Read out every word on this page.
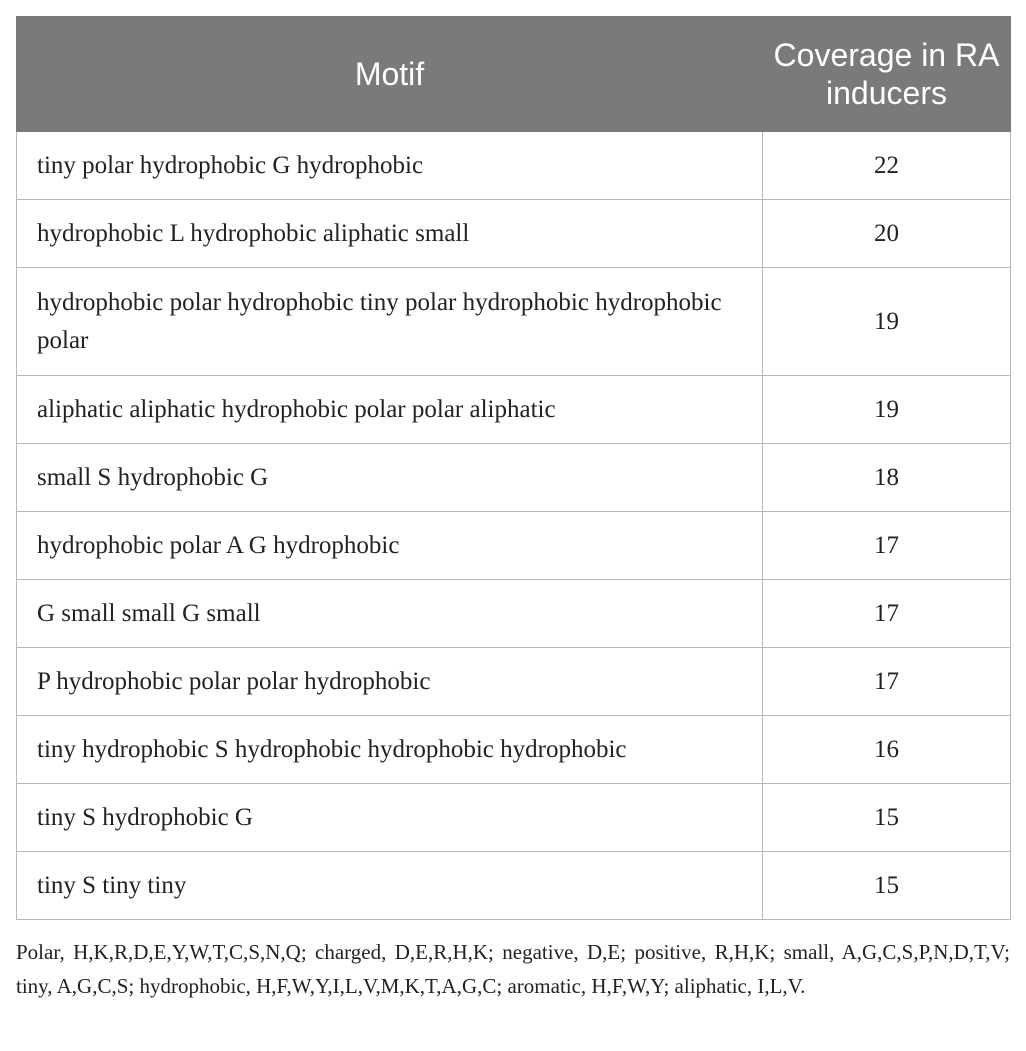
Motif	Coverage in RA inducers
tiny polar hydrophobic G hydrophobic	22
hydrophobic L hydrophobic aliphatic small	20
hydrophobic polar hydrophobic tiny polar hydrophobic hydrophobic polar	19
aliphatic aliphatic hydrophobic polar polar aliphatic	19
small S hydrophobic G	18
hydrophobic polar A G hydrophobic	17
G small small G small	17
P hydrophobic polar polar hydrophobic	17
tiny hydrophobic S hydrophobic hydrophobic hydrophobic	16
tiny S hydrophobic G	15
tiny S tiny tiny	15
Polar, H,K,R,D,E,Y,W,T,C,S,N,Q; charged, D,E,R,H,K; negative, D,E; positive, R,H,K; small, A,G,C,S,P,N,D,T,V; tiny, A,G,C,S; hydrophobic, H,F,W,Y,I,L,V,M,K,T,A,G,C; aromatic, H,F,W,Y; aliphatic, I,L,V.
